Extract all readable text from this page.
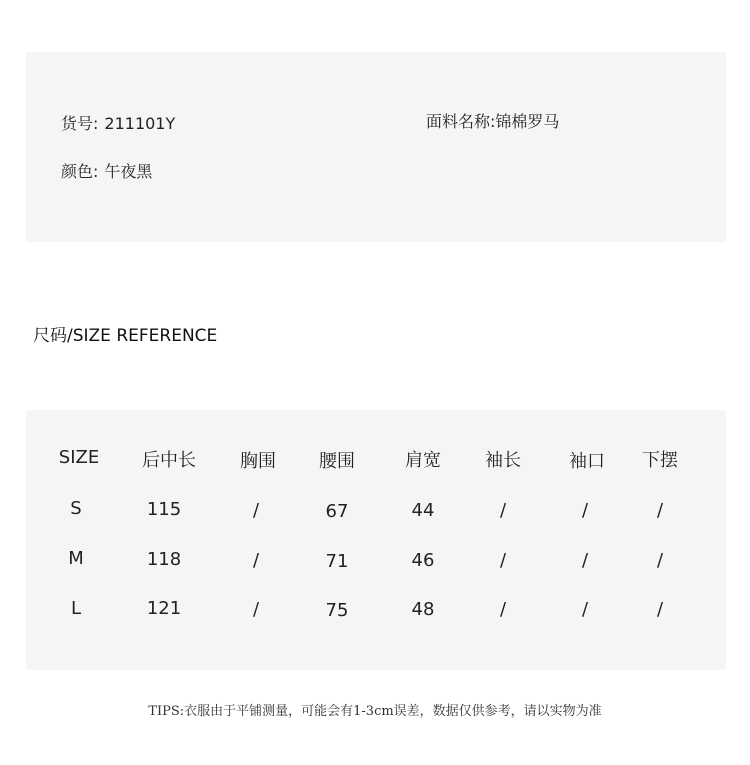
货号: 211101Y	面料名称:锦棉罗马
颜色: 午夜黑
尺码/SIZE REFERENCE
SIZE	后中长	胸围	腰围	肩宽	袖长	袖口	下摆
S	115	/	67	44	/	/	/
M	118	/	71	46	/	/	/
L	121	/	75	48	/	/	/
TIPS:衣服由于平铺测量，可能会有1-3cm误差，数据仅供参考，请以实物为准
